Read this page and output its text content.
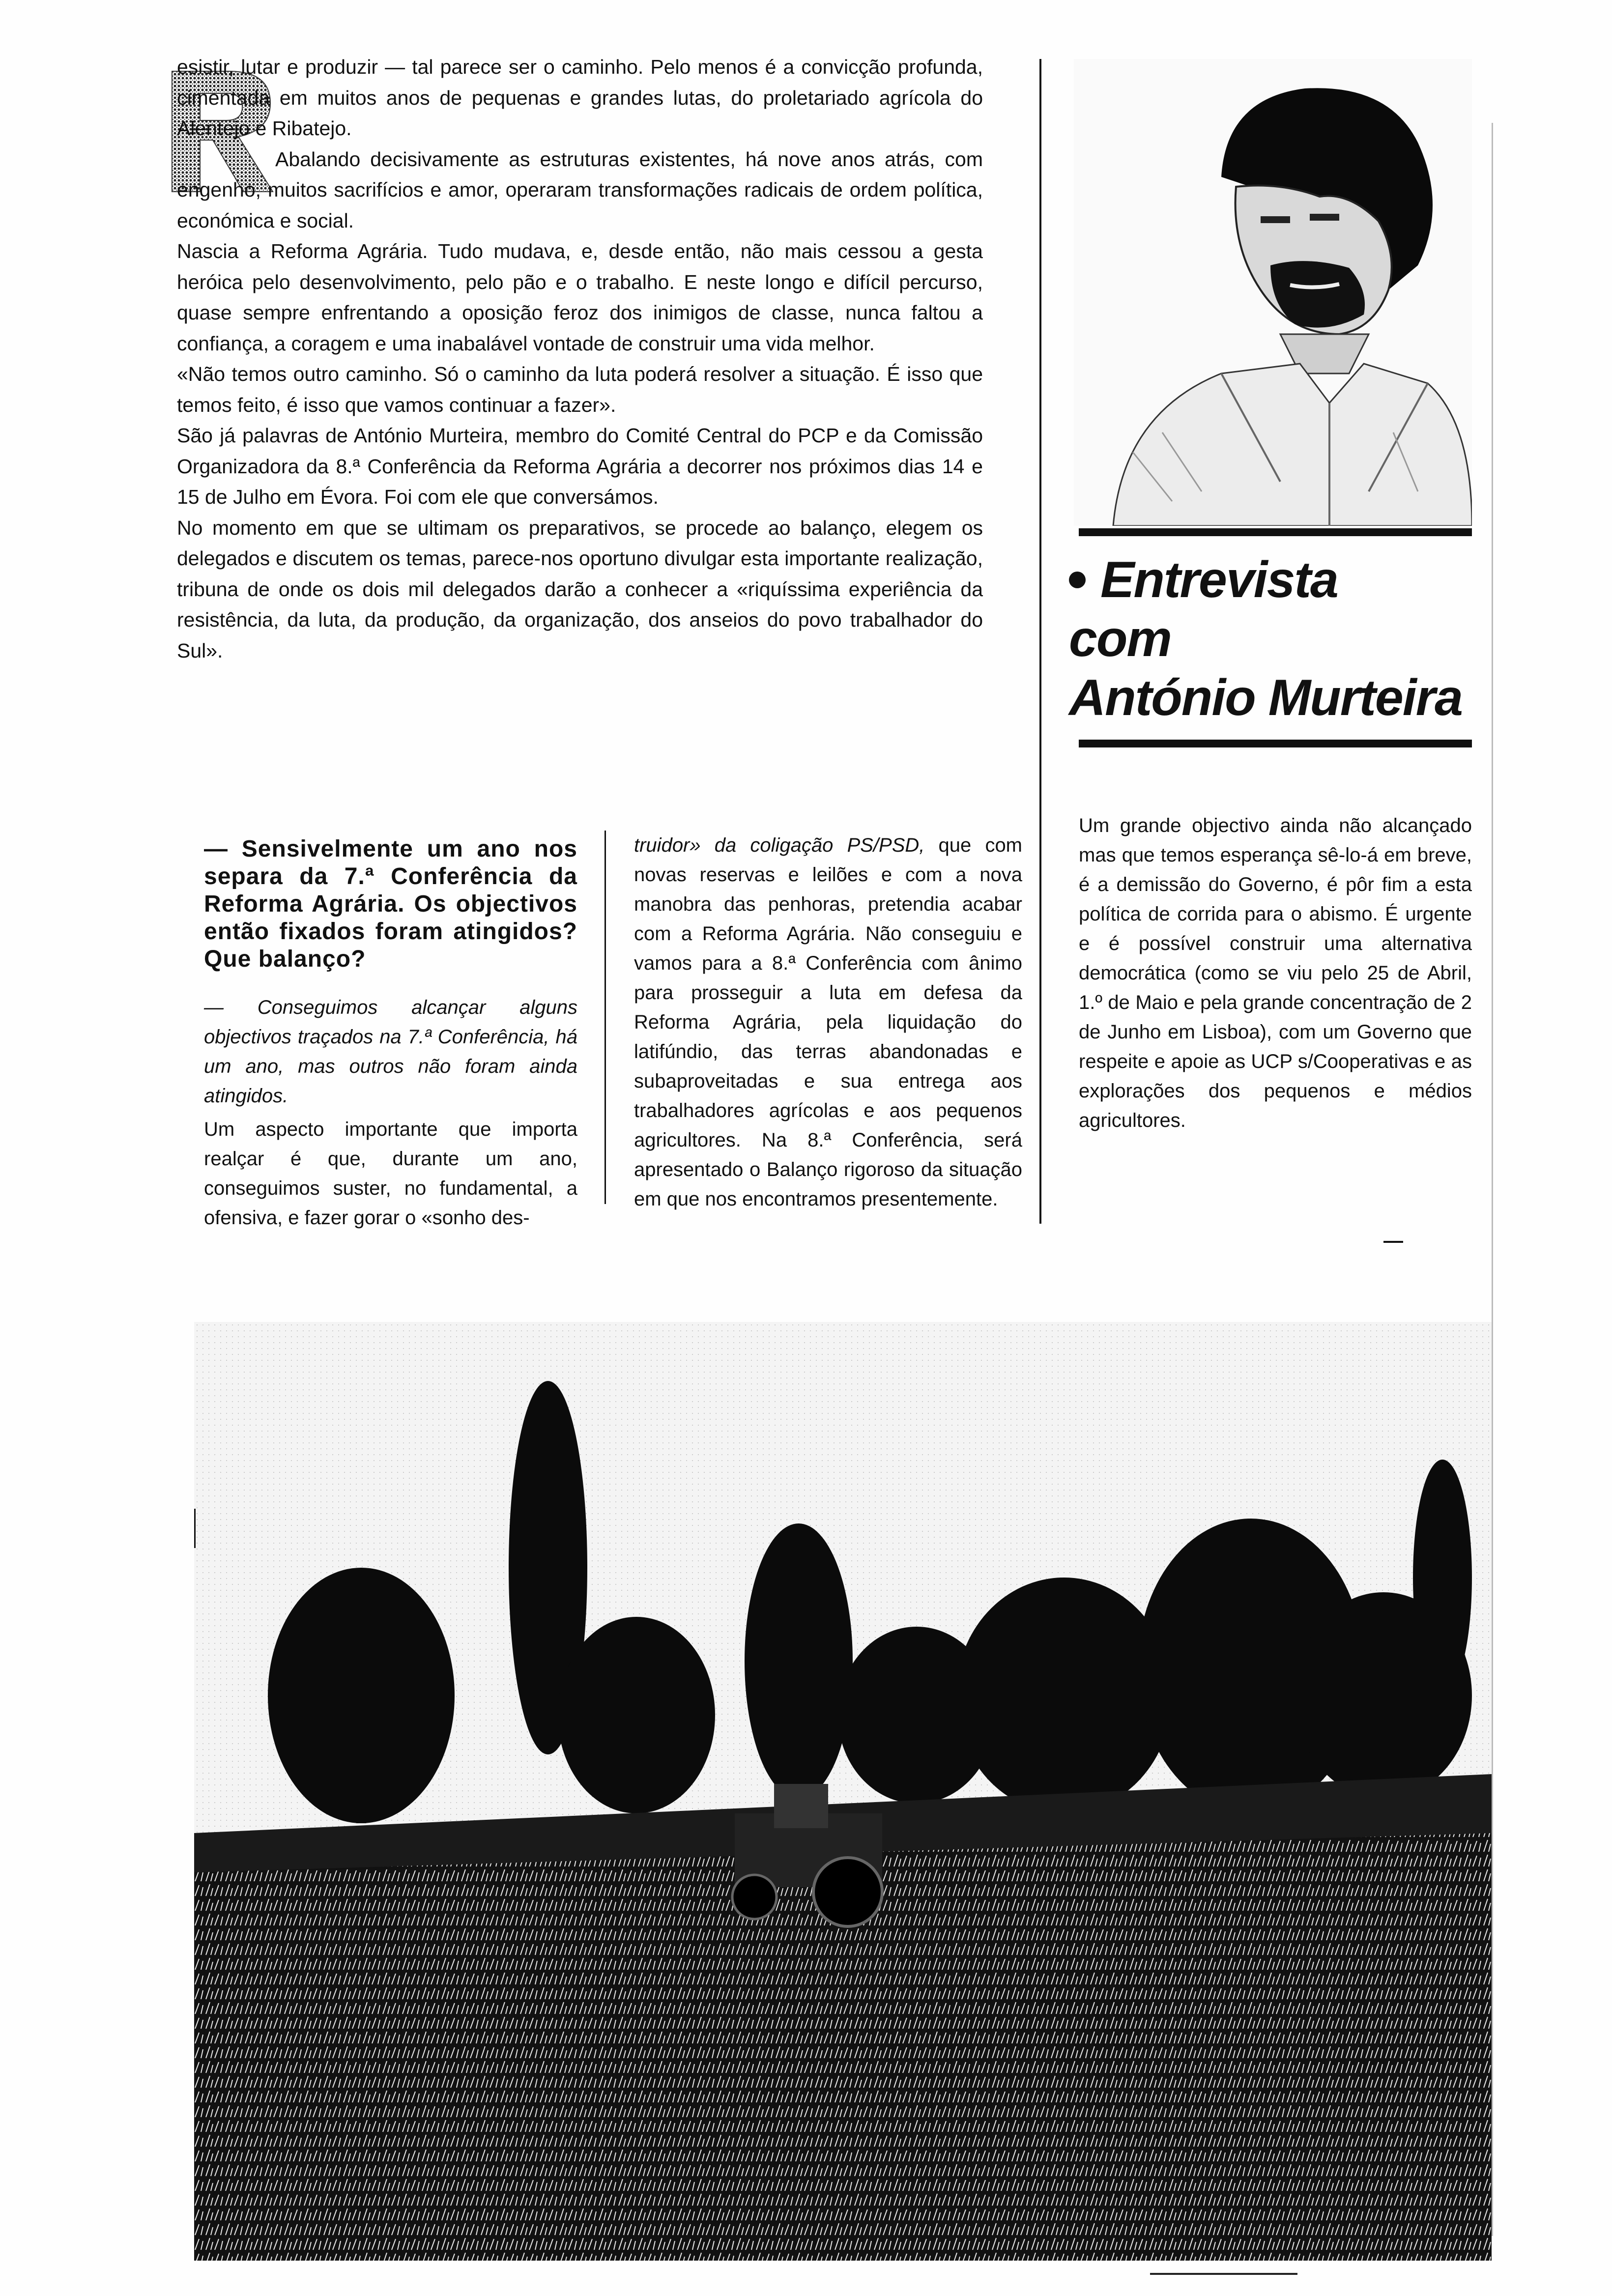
esistir, lutar e produzir — tal parece ser o caminho. Pelo menos é a convicção profunda, cimentada em muitos anos de pequenas e grandes lutas, do proletariado agrícola do Alentejo e Ribatejo.

Abalando decisivamente as estruturas existentes, há nove anos atrás, com engenho, muitos sacrifícios e amor, operaram transformações radicais de ordem política, económica e social.

Nascia a Reforma Agrária. Tudo mudava, e, desde então, não mais cessou a gesta heróica pelo desenvolvimento, pelo pão e o trabalho. E neste longo e difícil percurso, quase sempre enfrentando a oposição feroz dos inimigos de classe, nunca faltou a confiança, a coragem e uma inabalável vontade de construir uma vida melhor.

«Não temos outro caminho. Só o caminho da luta poderá resolver a situação. É isso que temos feito, é isso que vamos continuar a fazer».

São já palavras de António Murteira, membro do Comité Central do PCP e da Comissão Organizadora da 8.ª Conferência da Reforma Agrária a decorrer nos próximos dias 14 e 15 de Julho em Évora. Foi com ele que conversámos.

No momento em que se ultimam os preparativos, se procede ao balanço, elegem os delegados e discutem os temas, parece-nos oportuno divulgar esta importante realização, tribuna de onde os dois mil delegados darão a conhecer a «riquíssima experiência da resistência, da luta, da produção, da organização, dos anseios do povo trabalhador do Sul».

Entrevista
com
António Murteira

— Sensivelmente um ano nos separa da 7.ª Conferência da Reforma Agrária. Os objectivos então fixados foram atingidos? Que balanço?

— Conseguimos alcançar alguns objectivos traçados na 7.ª Conferência, há um ano, mas outros não foram ainda atingidos.

Um aspecto importante que importa realçar é que, durante um ano, conseguimos suster, no fundamental, a ofensiva, e fazer gorar o «sonho des-

truidor» da coligação PS/PSD, que com novas reservas e leilões e com a nova manobra das penhoras, pretendia acabar com a Reforma Agrária. Não conseguiu e vamos para a 8.ª Conferência com ânimo para prosseguir a luta em defesa da Reforma Agrária, pela liquidação do latifúndio, das terras abandonadas e subaproveitadas e sua entrega aos trabalhadores agrícolas e aos pequenos agricultores. Na 8.ª Conferência, será apresentado o Balanço rigoroso da situação em que nos encontramos presentemente.

Um grande objectivo ainda não alcançado mas que temos esperança sê-lo-á em breve, é a demissão do Governo, é pôr fim a esta política de corrida para o abismo. É urgente e é possível construir uma alternativa democrática (como se viu pelo 25 de Abril, 1.º de Maio e pela grande concentração de 2 de Junho em Lisboa), com um Governo que respeite e apoie as UCP s/Cooperativas e as explorações dos pequenos e médios agricultores.
